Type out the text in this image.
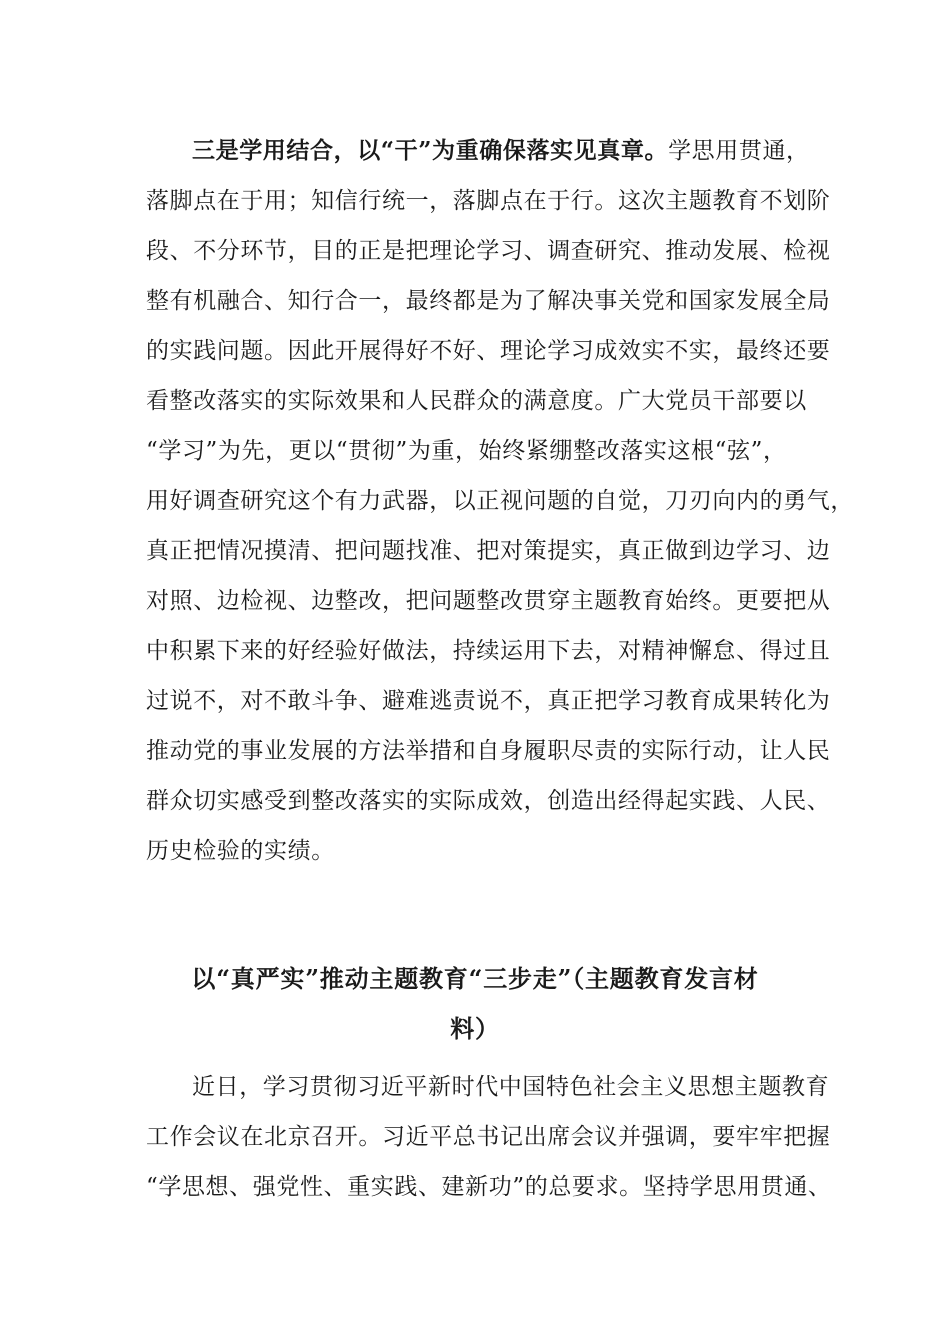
三是学用结合，以“干”为重确保落实见真章。学思用贯通，
落脚点在于用；知信行统一，落脚点在于行。这次主题教育不划阶
段、不分环节，目的正是把理论学习、调查研究、推动发展、检视
整有机融合、知行合一，最终都是为了解决事关党和国家发展全局
的实践问题。因此开展得好不好、理论学习成效实不实，最终还要
看整改落实的实际效果和人民群众的满意度。广大党员干部要以
“学习”为先，更以“贯彻”为重，始终紧绷整改落实这根“弦”，
用好调查研究这个有力武器，以正视问题的自觉，刀刃向内的勇气，
真正把情况摸清、把问题找准、把对策提实，真正做到边学习、边
对照、边检视、边整改，把问题整改贯穿主题教育始终。更要把从
中积累下来的好经验好做法，持续运用下去，对精神懈怠、得过且
过说不，对不敢斗争、避难逃责说不，真正把学习教育成果转化为
推动党的事业发展的方法举措和自身履职尽责的实际行动，让人民
群众切实感受到整改落实的实际成效，创造出经得起实践、人民、
历史检验的实绩。
以“真严实”推动主题教育“三步走”（主题教育发言材
料）
近日，学习贯彻习近平新时代中国特色社会主义思想主题教育
工作会议在北京召开。习近平总书记出席会议并强调，要牢牢把握
“学思想、强党性、重实践、建新功”的总要求。坚持学思用贯通、
